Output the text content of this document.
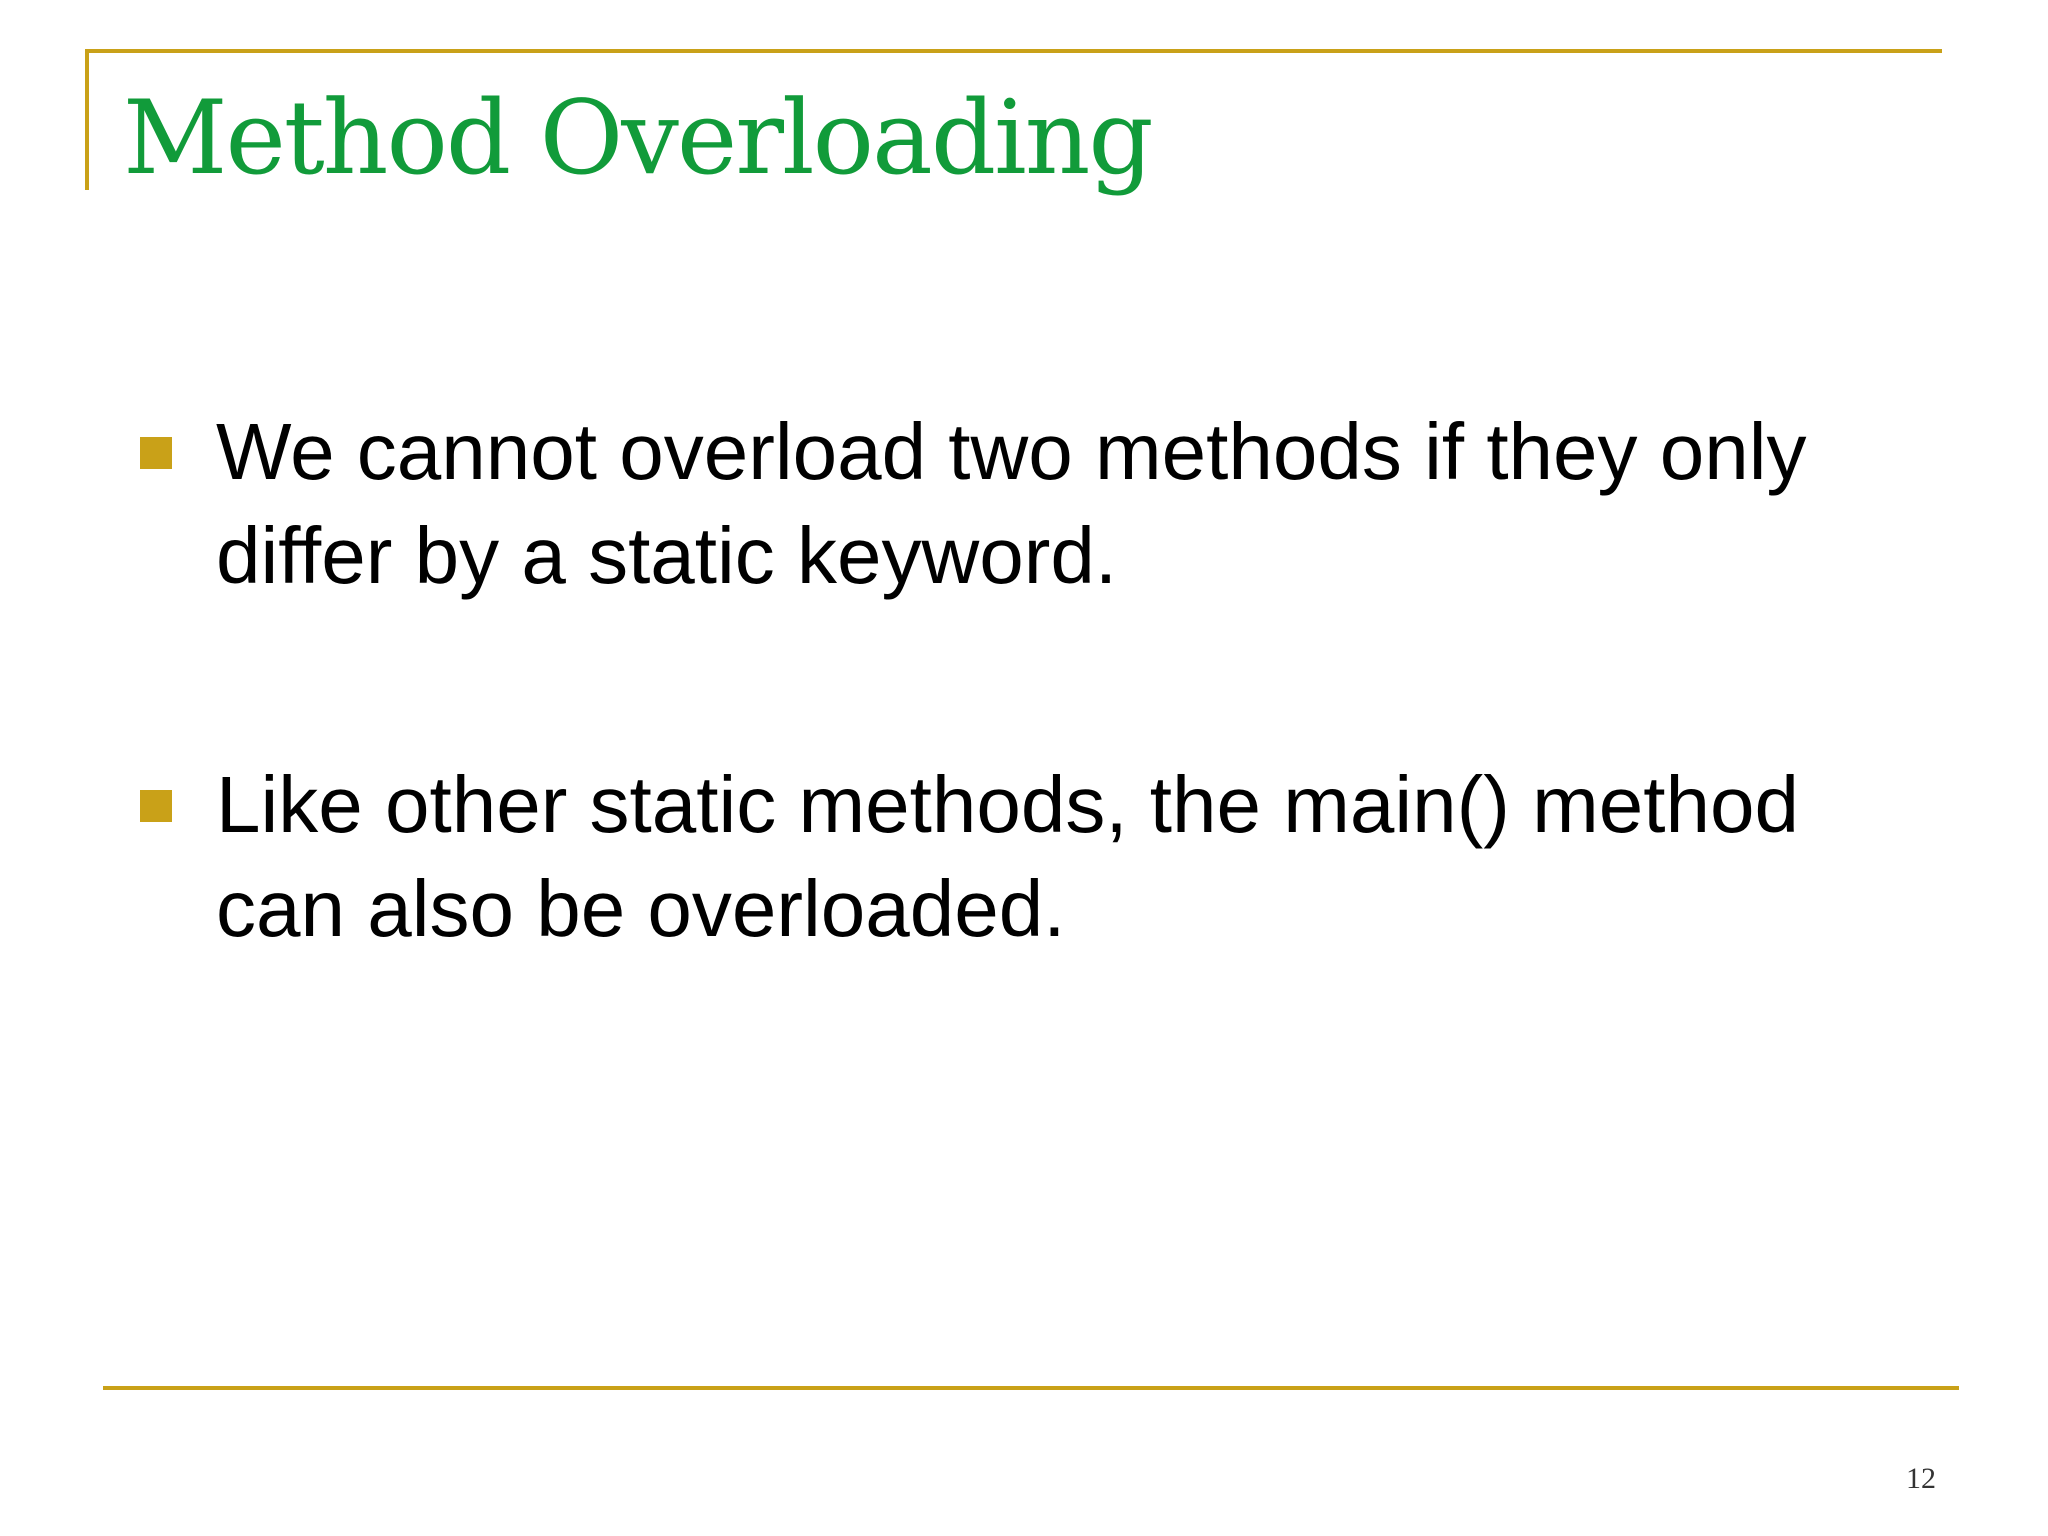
Method Overloading
We cannot overload two methods if they only differ by a static keyword.
Like other static methods, the main() method can also be overloaded.
12
